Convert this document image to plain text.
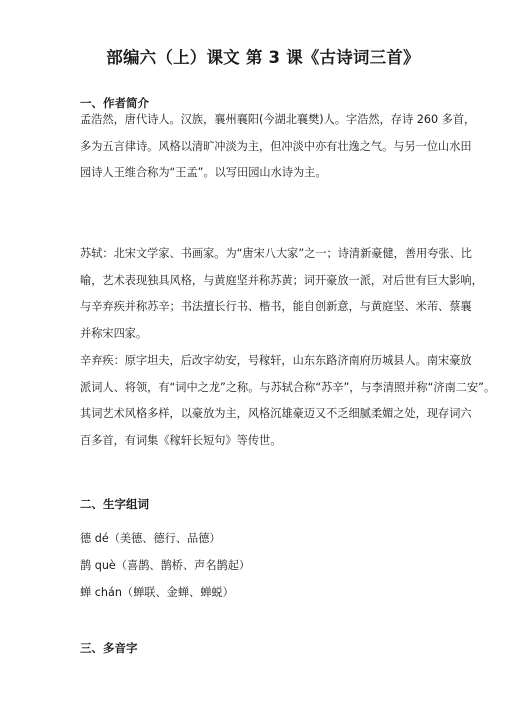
部编六（上）课文 第 3 课《古诗词三首》
一、作者简介
孟浩然，唐代诗人。汉族，襄州襄阳(今湖北襄樊)人。字浩然，存诗 260 多首，
多为五言律诗。风格以清旷冲淡为主，但冲淡中亦有壮逸之气。与另一位山水田
园诗人王维合称为“王孟”。以写田园山水诗为主。
苏轼：北宋文学家、书画家。为“唐宋八大家”之一；诗清新豪健，善用夸张、比
喻，艺术表现独具风格，与黄庭坚并称苏黄；词开豪放一派，对后世有巨大影响，
与辛弃疾并称苏辛；书法擅长行书、楷书，能自创新意，与黄庭坚、米芾、蔡襄
并称宋四家。
辛弃疾：原字坦夫，后改字幼安，号稼轩，山东东路济南府历城县人。南宋豪放
派词人、将领，有“词中之龙”之称。与苏轼合称“苏辛”，与李清照并称“济南二安”。
其词艺术风格多样，以豪放为主，风格沉雄豪迈又不乏细腻柔媚之处，现存词六
百多首，有词集《稼轩长短句》等传世。
二、生字组词
德 dé（美德、德行、品德）
鹊 què（喜鹊、鹊桥、声名鹊起）
蝉 chán（蝉联、金蝉、蝉蜕）
三、多音字
